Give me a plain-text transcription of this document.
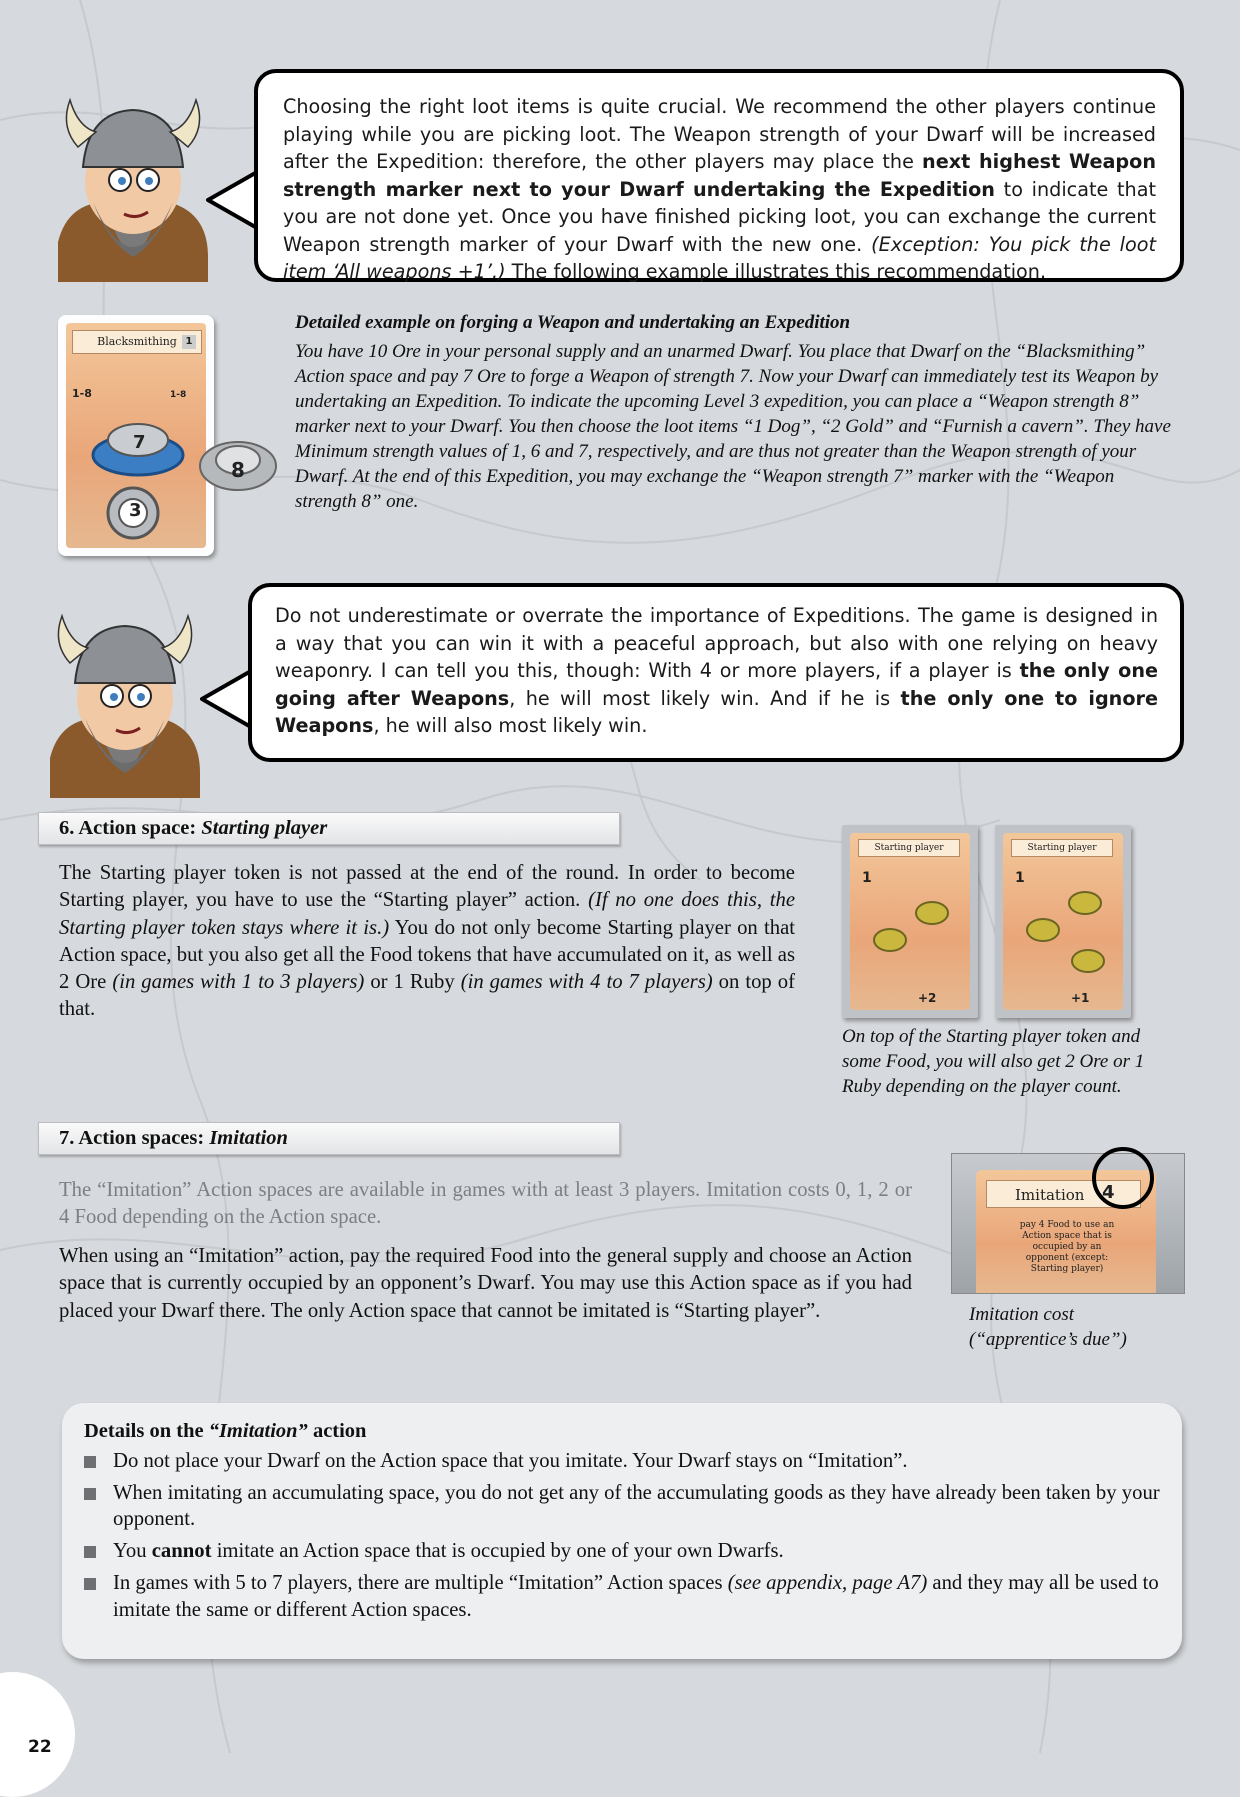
Choosing the right loot items is quite crucial. We recommend the other players continue playing while you are picking loot. The Weapon strength of your Dwarf will be increased after the Expedition: therefore, the other players may place the next highest Weapon strength marker next to your Dwarf undertaking the Expedition to indicate that you are not done yet. Once you have finished picking loot, you can exchange the current Weapon strength marker of your Dwarf with the new one. (Exception: You pick the loot item ‘All weapons +1’.) The following example illustrates this recommendation.

Blacksmithing 1
1-8	1-8
7
3
8

Detailed example on forging a Weapon and undertaking an Expedition

You have 10 Ore in your personal supply and an unarmed Dwarf. You place that Dwarf on the “Blacksmithing” Action space and pay 7 Ore to forge a Weapon of strength 7. Now your Dwarf can immediately test its Weapon by undertaking an Expedition. To indicate the upcoming Level 3 expedition, you can place a “Weapon strength 8” marker next to your Dwarf. You then choose the loot items “1 Dog”, “2 Gold” and “Furnish a cavern”. They have Minimum strength values of 1, 6 and 7, respectively, and are thus not greater than the Weapon strength of your Dwarf. At the end of this Expedition, you may exchange the “Weapon strength 7” marker with the “Weapon strength 8” one.

Do not underestimate or overrate the importance of Expeditions. The game is designed in a way that you can win it with a peaceful approach, but also with one relying on heavy weaponry. I can tell you this, though: With 4 or more players, if a player is the only one going after Weapons, he will most likely win. And if he is the only one to ignore Weapons, he will also most likely win.

6. Action space: Starting player

The Starting player token is not passed at the end of the round. In order to become Starting player, you have to use the “Starting player” action. (If no one does this, the Starting player token stays where it is.) You do not only become Starting player on that Action space, but you also get all the Food tokens that have accumulated on it, as well as 2 Ore (in games with 1 to 3 players) or 1 Ruby (in games with 4 to 7 players) on top of that.

Starting player
1
+2
Starting player
1
+1

On top of the Starting player token and some Food, you will also get 2 Ore or 1 Ruby depending on the player count.

7. Action spaces: Imitation

The “Imitation” Action spaces are available in games with at least 3 players. Imitation costs 0, 1, 2 or 4 Food depending on the Action space.

When using an “Imitation” action, pay the required Food into the general supply and choose an Action space that is currently occupied by an opponent’s Dwarf. You may use this Action space as if you had placed your Dwarf there. The only Action space that cannot be imitated is “Starting player”.

Imitation 4
pay 4 Food to use an Action space that is occupied by an opponent (except: Starting player)

Imitation cost (“apprentice’s due”)

Details on the “Imitation” action

Do not place your Dwarf on the Action space that you imitate. Your Dwarf stays on “Imitation”.
When imitating an accumulating space, you do not get any of the accumulating goods as they have already been taken by your opponent.
You cannot imitate an Action space that is occupied by one of your own Dwarfs.
In games with 5 to 7 players, there are multiple “Imitation” Action spaces (see appendix, page A7) and they may all be used to imitate the same or different Action spaces.
22
